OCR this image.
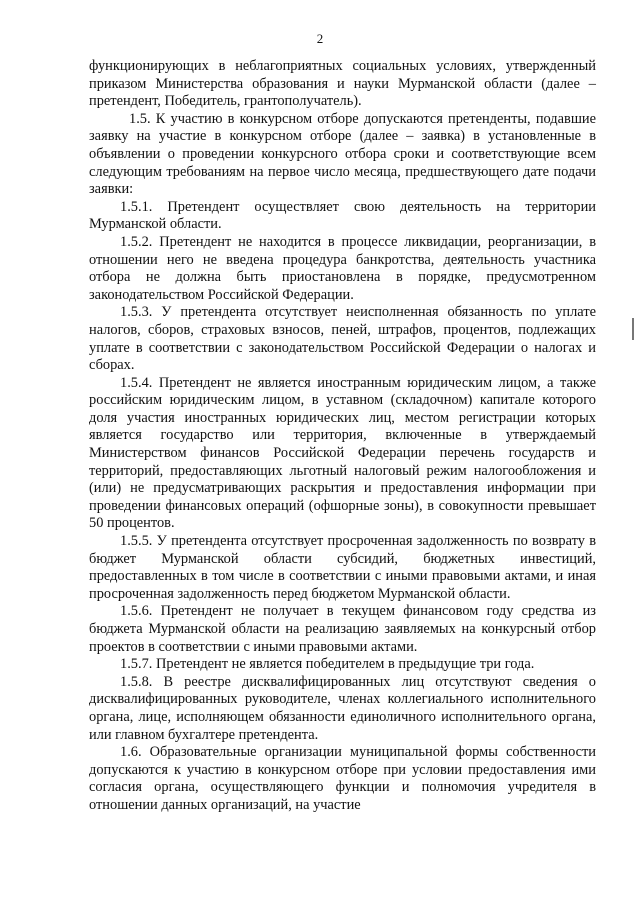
2

функционирующих в неблагоприятных социальных условиях, утвержденный приказом Министерства образования и науки Мурманской области (далее – претендент, Победитель, грантополучатель).

1.5. К участию в конкурсном отборе допускаются претенденты, подавшие заявку на участие в конкурсном отборе (далее – заявка) в установленные в объявлении о проведении конкурсного отбора сроки и соответствующие всем следующим требованиям на первое число месяца, предшествующего дате подачи заявки:

1.5.1. Претендент осуществляет свою деятельность на территории Мурманской области.

1.5.2. Претендент не находится в процессе ликвидации, реорганизации, в отношении него не введена процедура банкротства, деятельность участника отбора не должна быть приостановлена в порядке, предусмотренном законодательством Российской Федерации.

1.5.3. У претендента отсутствует неисполненная обязанность по уплате налогов, сборов, страховых взносов, пеней, штрафов, процентов, подлежащих уплате в соответствии с законодательством Российской Федерации о налогах и сборах.

1.5.4. Претендент не является иностранным юридическим лицом, а также российским юридическим лицом, в уставном (складочном) капитале которого доля участия иностранных юридических лиц, местом регистрации которых является государство или территория, включенные в утверждаемый Министерством финансов Российской Федерации перечень государств и территорий, предоставляющих льготный налоговый режим налогообложения и (или) не предусматривающих раскрытия и предоставления информации при проведении финансовых операций (офшорные зоны), в совокупности превышает 50 процентов.

1.5.5. У претендента отсутствует просроченная задолженность по возврату в бюджет Мурманской области субсидий, бюджетных инвестиций, предоставленных в том числе в соответствии с иными правовыми актами, и иная просроченная задолженность перед бюджетом Мурманской области.

1.5.6. Претендент не получает в текущем финансовом году средства из бюджета Мурманской области на реализацию заявляемых на конкурсный отбор проектов в соответствии с иными правовыми актами.

1.5.7. Претендент не является победителем в предыдущие три года.

1.5.8. В реестре дисквалифицированных лиц отсутствуют сведения о дисквалифицированных руководителе, членах коллегиального исполнительного органа, лице, исполняющем обязанности единоличного исполнительного органа, или главном бухгалтере претендента.

1.6. Образовательные организации муниципальной формы собственности допускаются к участию в конкурсном отборе при условии предоставления ими согласия органа, осуществляющего функции и полномочия учредителя в отношении данных организаций, на участие
